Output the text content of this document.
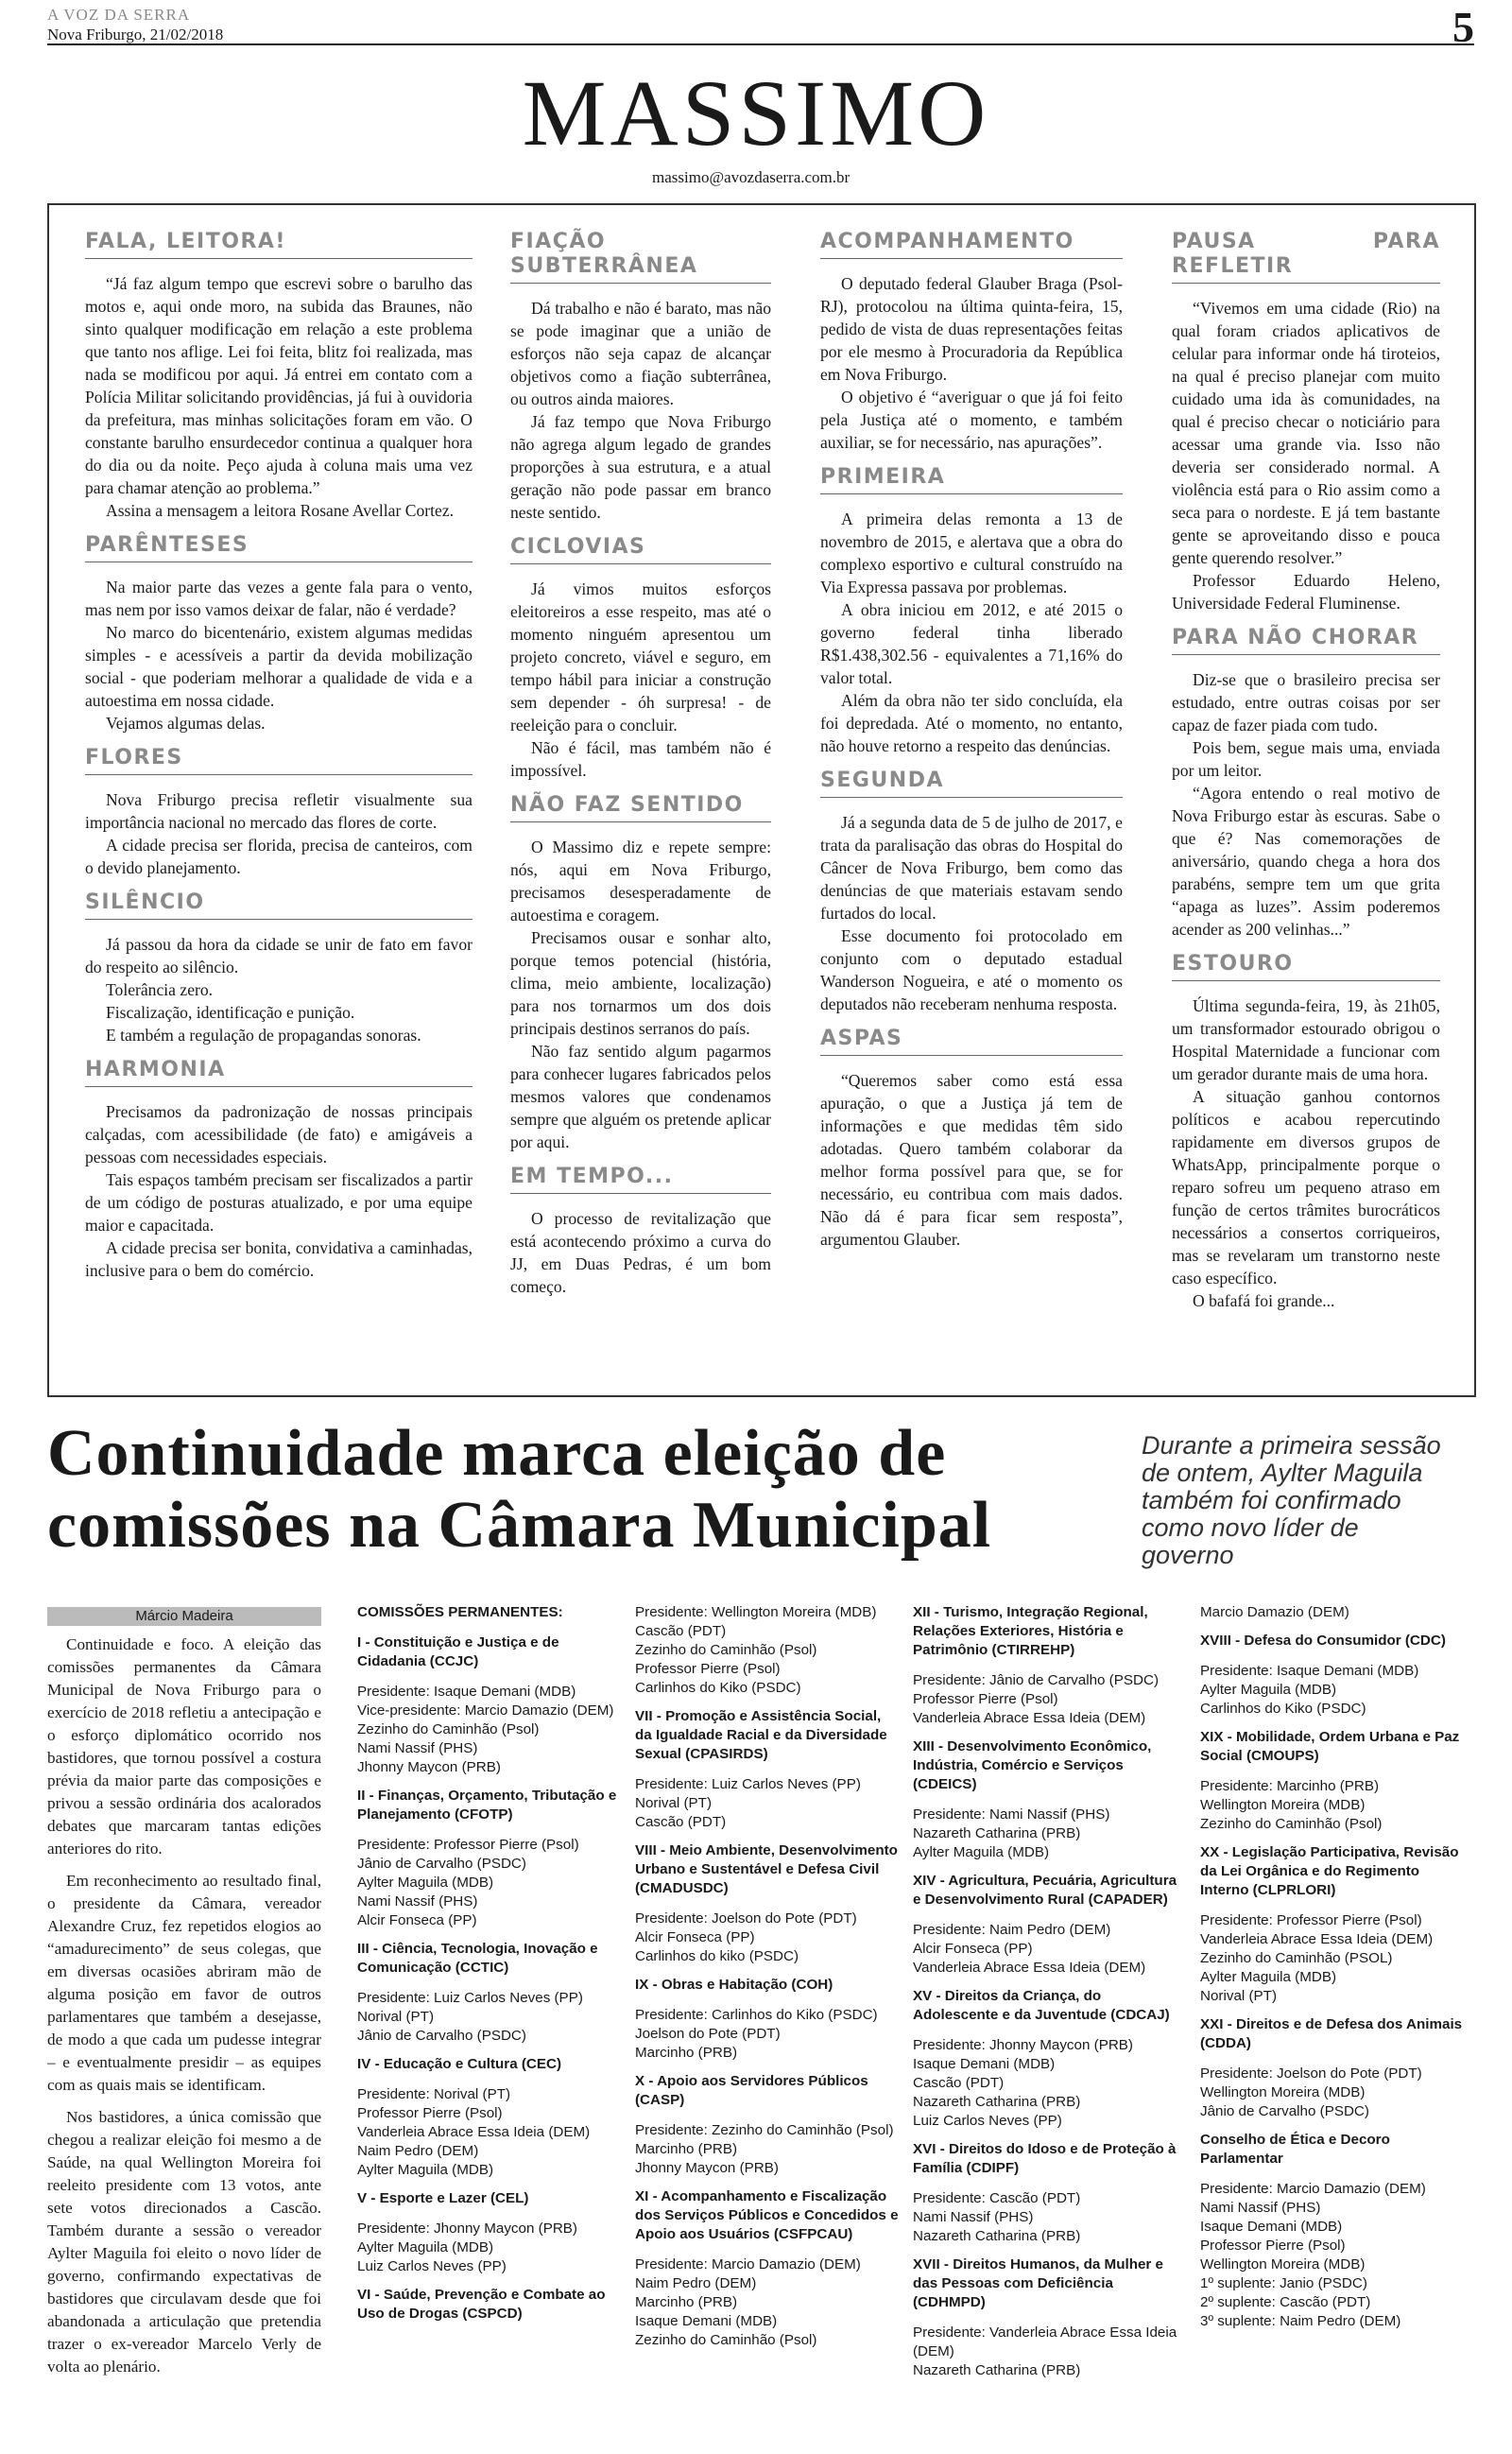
A VOZ DA SERRA
Nova Friburgo, 21/02/2018	5
MASSIMO
massimo@avozdaserra.com.br
FALA, LEITORA!

“Já faz algum tempo que escrevi sobre o barulho das motos e, aqui onde moro, na subida das Braunes, não sinto qualquer modificação em relação a este problema que tanto nos aflige. Lei foi feita, blitz foi realizada, mas nada se modificou por aqui. Já entrei em contato com a Polícia Militar solicitando providências, já fui à ouvidoria da prefeitura, mas minhas solicitações foram em vão. O constante barulho ensurdecedor continua a qualquer hora do dia ou da noite. Peço ajuda à coluna mais uma vez para chamar atenção ao problema.”

Assina a mensagem a leitora Rosane Avellar Cortez.

PARÊNTESES

Na maior parte das vezes a gente fala para o vento, mas nem por isso vamos deixar de falar, não é verdade?

No marco do bicentenário, existem algumas medidas simples - e acessíveis a partir da devida mobilização social - que poderiam melhorar a qualidade de vida e a autoestima em nossa cidade.

Vejamos algumas delas.

FLORES

Nova Friburgo precisa refletir visualmente sua importância nacional no mercado das flores de corte.

A cidade precisa ser florida, precisa de canteiros, com o devido planejamento.

SILÊNCIO

Já passou da hora da cidade se unir de fato em favor do respeito ao silêncio.

Tolerância zero.

Fiscalização, identificação e punição.

E também a regulação de propagandas sonoras.

HARMONIA

Precisamos da padronização de nossas principais calçadas, com acessibilidade (de fato) e amigáveis a pessoas com necessidades especiais.

Tais espaços também precisam ser fiscalizados a partir de um código de posturas atualizado, e por uma equipe maior e capacitada.

A cidade precisa ser bonita, convidativa a caminhadas, inclusive para o bem do comércio.

FIAÇÃO SUBTERRÂNEA

Dá trabalho e não é barato, mas não se pode imaginar que a união de esforços não seja capaz de alcançar objetivos como a fiação subterrânea, ou outros ainda maiores.

Já faz tempo que Nova Friburgo não agrega algum legado de grandes proporções à sua estrutura, e a atual geração não pode passar em branco neste sentido.

CICLOVIAS

Já vimos muitos esforços eleitoreiros a esse respeito, mas até o momento ninguém apresentou um projeto concreto, viável e seguro, em tempo hábil para iniciar a construção sem depender - óh surpresa! - de reeleição para o concluir.

Não é fácil, mas também não é impossível.

NÃO FAZ SENTIDO

O Massimo diz e repete sempre: nós, aqui em Nova Friburgo, precisamos desesperadamente de autoestima e coragem.

Precisamos ousar e sonhar alto, porque temos potencial (história, clima, meio ambiente, localização) para nos tornarmos um dos dois principais destinos serranos do país.

Não faz sentido algum pagarmos para conhecer lugares fabricados pelos mesmos valores que condenamos sempre que alguém os pretende aplicar por aqui.

EM TEMPO...

O processo de revitalização que está acontecendo próximo a curva do JJ, em Duas Pedras, é um bom começo.

ACOMPANHAMENTO

O deputado federal Glauber Braga (Psol-RJ), protocolou na última quinta-feira, 15, pedido de vista de duas representações feitas por ele mesmo à Procuradoria da República em Nova Friburgo.

O objetivo é “averiguar o que já foi feito pela Justiça até o momento, e também auxiliar, se for necessário, nas apurações”.

PRIMEIRA

A primeira delas remonta a 13 de novembro de 2015, e alertava que a obra do complexo esportivo e cultural construído na Via Expressa passava por problemas.

A obra iniciou em 2012, e até 2015 o governo federal tinha liberado R$1.438,302.56 - equivalentes a 71,16% do valor total.

Além da obra não ter sido concluída, ela foi depredada. Até o momento, no entanto, não houve retorno a respeito das denúncias.

SEGUNDA

Já a segunda data de 5 de julho de 2017, e trata da paralisação das obras do Hospital do Câncer de Nova Friburgo, bem como das denúncias de que materiais estavam sendo furtados do local.

Esse documento foi protocolado em conjunto com o deputado estadual Wanderson Nogueira, e até o momento os deputados não receberam nenhuma resposta.

ASPAS

“Queremos saber como está essa apuração, o que a Justiça já tem de informações e que medidas têm sido adotadas. Quero também colaborar da melhor forma possível para que, se for necessário, eu contribua com mais dados. Não dá é para ficar sem resposta”, argumentou Glauber.

PAUSA PARA REFLETIR

“Vivemos em uma cidade (Rio) na qual foram criados aplicativos de celular para informar onde há tiroteios, na qual é preciso planejar com muito cuidado uma ida às comunidades, na qual é preciso checar o noticiário para acessar uma grande via. Isso não deveria ser considerado normal. A violência está para o Rio assim como a seca para o nordeste. E já tem bastante gente se aproveitando disso e pouca gente querendo resolver.”

Professor Eduardo Heleno, Universidade Federal Fluminense.

PARA NÃO CHORAR

Diz-se que o brasileiro precisa ser estudado, entre outras coisas por ser capaz de fazer piada com tudo.

Pois bem, segue mais uma, enviada por um leitor.

“Agora entendo o real motivo de Nova Friburgo estar às escuras. Sabe o que é? Nas comemorações de aniversário, quando chega a hora dos parabéns, sempre tem um que grita “apaga as luzes”. Assim poderemos acender as 200 velinhas...”

ESTOURO

Última segunda-feira, 19, às 21h05, um transformador estourado obrigou o Hospital Maternidade a funcionar com um gerador durante mais de uma hora.

A situação ganhou contornos políticos e acabou repercutindo rapidamente em diversos grupos de WhatsApp, principalmente porque o reparo sofreu um pequeno atraso em função de certos trâmites burocráticos necessários a consertos corriqueiros, mas se revelaram um transtorno neste caso específico.

O bafafá foi grande...

Continuidade marca eleição de comissões na Câmara Municipal
Durante a primeira sessão de ontem, Aylter Maguila também foi confirmado como novo líder de governo
Márcio Madeira

Continuidade e foco. A eleição das comissões permanentes da Câmara Municipal de Nova Friburgo para o exercício de 2018 refletiu a antecipação e o esforço diplomático ocorrido nos bastidores, que tornou possível a costura prévia da maior parte das composições e privou a sessão ordinária dos acalorados debates que marcaram tantas edições anteriores do rito.

Em reconhecimento ao resultado final, o presidente da Câmara, vereador Alexandre Cruz, fez repetidos elogios ao “amadurecimento” de seus colegas, que em diversas ocasiões abriram mão de alguma posição em favor de outros parlamentares que também a desejasse, de modo a que cada um pudesse integrar – e eventualmente presidir – as equipes com as quais mais se identificam.

Nos bastidores, a única comissão que chegou a realizar eleição foi mesmo a de Saúde, na qual Wellington Moreira foi reeleito presidente com 13 votos, ante sete votos direcionados a Cascão. Também durante a sessão o vereador Aylter Maguila foi eleito o novo líder de governo, confirmando expectativas de bastidores que circulavam desde que foi abandonada a articulação que pretendia trazer o ex-vereador Marcelo Verly de volta ao plenário.

COMISSÕES PERMANENTES:
I - Constituição e Justiça e de Cidadania (CCJC)
Presidente: Isaque Demani (MDB)
Vice-presidente: Marcio Damazio (DEM)
Zezinho do Caminhão (Psol)
Nami Nassif (PHS)
Jhonny Maycon (PRB)
II - Finanças, Orçamento, Tributação e Planejamento (CFOTP)
Presidente: Professor Pierre (Psol)
Jânio de Carvalho (PSDC)
Aylter Maguila (MDB)
Nami Nassif (PHS)
Alcir Fonseca (PP)
III - Ciência, Tecnologia, Inovação e Comunicação (CCTIC)
Presidente: Luiz Carlos Neves (PP)
Norival (PT)
Jânio de Carvalho (PSDC)
IV - Educação e Cultura (CEC)
Presidente: Norival (PT)
Professor Pierre (Psol)
Vanderleia Abrace Essa Ideia (DEM)
Naim Pedro (DEM)
Aylter Maguila (MDB)
V - Esporte e Lazer (CEL)
Presidente: Jhonny Maycon (PRB)
Aylter Maguila (MDB)
Luiz Carlos Neves (PP)
VI - Saúde, Prevenção e Combate ao Uso de Drogas (CSPCD)
Presidente: Wellington Moreira (MDB)
Cascão (PDT)
Zezinho do Caminhão (Psol)
Professor Pierre (Psol)
Carlinhos do Kiko (PSDC)
VII - Promoção e Assistência Social, da Igualdade Racial e da Diversidade Sexual (CPASIRDS)
Presidente: Luiz Carlos Neves (PP)
Norival (PT)
Cascão (PDT)
VIII - Meio Ambiente, Desenvolvimento Urbano e Sustentável e Defesa Civil (CMADUSDC)
Presidente: Joelson do Pote (PDT)
Alcir Fonseca (PP)
Carlinhos do kiko (PSDC)
IX - Obras e Habitação (COH)
Presidente: Carlinhos do Kiko (PSDC)
Joelson do Pote (PDT)
Marcinho (PRB)
X - Apoio aos Servidores Públicos (CASP)
Presidente: Zezinho do Caminhão (Psol)
Marcinho (PRB)
Jhonny Maycon (PRB)
XI - Acompanhamento e Fiscalização dos Serviços Públicos e Concedidos e Apoio aos Usuários (CSFPCAU)
Presidente: Marcio Damazio (DEM)
Naim Pedro (DEM)
Marcinho (PRB)
Isaque Demani (MDB)
Zezinho do Caminhão (Psol)
XII - Turismo, Integração Regional, Relações Exteriores, História e Patrimônio (CTIRREHP)
Presidente: Jânio de Carvalho (PSDC)
Professor Pierre (Psol)
Vanderleia Abrace Essa Ideia (DEM)
XIII - Desenvolvimento Econômico, Indústria, Comércio e Serviços (CDEICS)
Presidente: Nami Nassif (PHS)
Nazareth Catharina (PRB)
Aylter Maguila (MDB)
XIV - Agricultura, Pecuária, Agricultura e Desenvolvimento Rural (CAPADER)
Presidente: Naim Pedro (DEM)
Alcir Fonseca (PP)
Vanderleia Abrace Essa Ideia (DEM)
XV - Direitos da Criança, do Adolescente e da Juventude (CDCAJ)
Presidente: Jhonny Maycon (PRB)
Isaque Demani (MDB)
Cascão (PDT)
Nazareth Catharina (PRB)
Luiz Carlos Neves (PP)
XVI - Direitos do Idoso e de Proteção à Família (CDIPF)
Presidente: Cascão (PDT)
Nami Nassif (PHS)
Nazareth Catharina (PRB)
XVII - Direitos Humanos, da Mulher e das Pessoas com Deficiência (CDHMPD)
Presidente: Vanderleia Abrace Essa Ideia (DEM)
Nazareth Catharina (PRB)
Marcio Damazio (DEM)
XVIII - Defesa do Consumidor (CDC)
Presidente: Isaque Demani (MDB)
Aylter Maguila (MDB)
Carlinhos do Kiko (PSDC)
XIX - Mobilidade, Ordem Urbana e Paz Social (CMOUPS)
Presidente: Marcinho (PRB)
Wellington Moreira (MDB)
Zezinho do Caminhão (Psol)
XX - Legislação Participativa, Revisão da Lei Orgânica e do Regimento Interno (CLPRLORI)
Presidente: Professor Pierre (Psol)
Vanderleia Abrace Essa Ideia (DEM)
Zezinho do Caminhão (PSOL)
Aylter Maguila (MDB)
Norival (PT)
XXI - Direitos e de Defesa dos Animais (CDDA)
Presidente: Joelson do Pote (PDT)
Wellington Moreira (MDB)
Jânio de Carvalho (PSDC)
Conselho de Ética e Decoro Parlamentar
Presidente: Marcio Damazio (DEM)
Nami Nassif (PHS)
Isaque Demani (MDB)
Professor Pierre (Psol)
Wellington Moreira (MDB)
1º suplente: Janio (PSDC)
2º suplente: Cascão (PDT)
3º suplente: Naim Pedro (DEM)
